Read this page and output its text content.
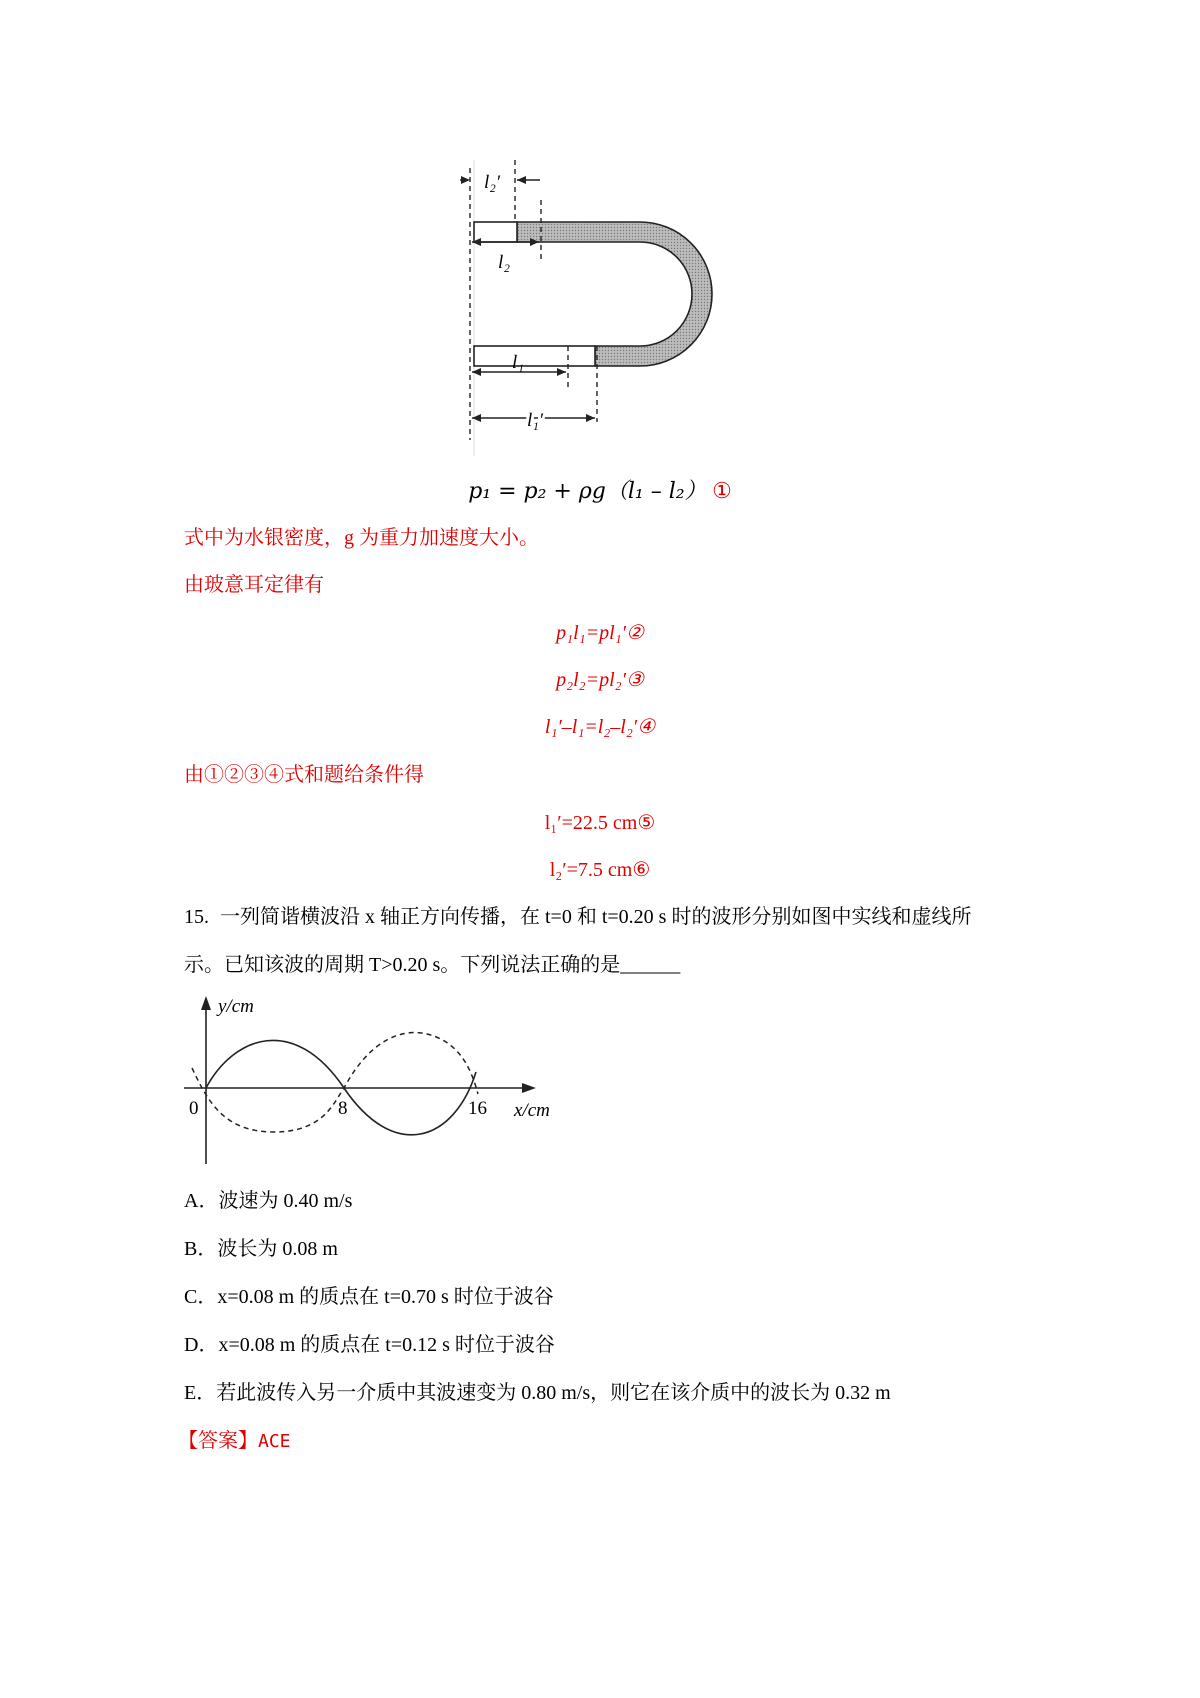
l₂′
l₂
l₁
l₁′
p₁ = p₂ + ρg（l₁ – l₂） ①
式中为水银密度，g 为重力加速度大小。
由玻意耳定律有
p₁l₁=pl₁′②
p₂l₂=pl₂′③
l₁′–l₁=l₂–l₂′④
由①②③④式和题给条件得
l₁′=22.5 cm⑤
l₂′=7.5 cm⑥
15. 一列简谐横波沿 x 轴正方向传播，在 t=0 和 t=0.20 s 时的波形分别如图中实线和虚线所
示。已知该波的周期 T>0.20 s。下列说法正确的是______
y/cm
x/cm
0	8	16
A．波速为 0.40 m/s
B．波长为 0.08 m
C．x=0.08 m 的质点在 t=0.70 s 时位于波谷
D．x=0.08 m 的质点在 t=0.12 s 时位于波谷
E．若此波传入另一介质中其波速变为 0.80 m/s，则它在该介质中的波长为 0.32 m
【答案】ACE
